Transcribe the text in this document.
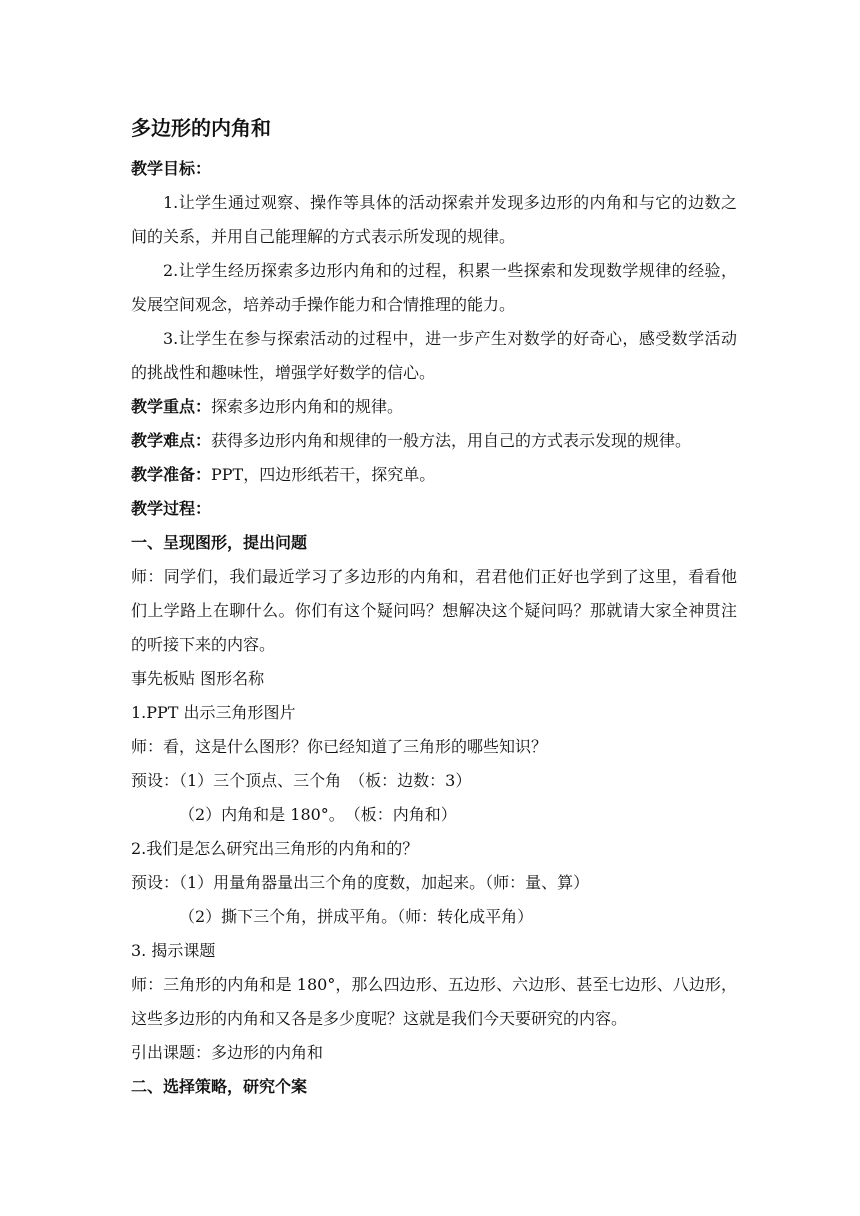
多边形的内角和
教学目标：
1.让学生通过观察、操作等具体的活动探索并发现多边形的内角和与它的边数之间的关系，并用自己能理解的方式表示所发现的规律。
2.让学生经历探索多边形内角和的过程，积累一些探索和发现数学规律的经验，发展空间观念，培养动手操作能力和合情推理的能力。
3.让学生在参与探索活动的过程中，进一步产生对数学的好奇心，感受数学活动的挑战性和趣味性，增强学好数学的信心。
教学重点：探索多边形内角和的规律。
教学难点：获得多边形内角和规律的一般方法，用自己的方式表示发现的规律。
教学准备：PPT，四边形纸若干，探究单。
教学过程：
一、呈现图形，提出问题
师：同学们，我们最近学习了多边形的内角和，君君他们正好也学到了这里，看看他们上学路上在聊什么。你们有这个疑问吗？想解决这个疑问吗？那就请大家全神贯注的听接下来的内容。
事先板贴 图形名称
1.PPT 出示三角形图片
师：看，这是什么图形？你已经知道了三角形的哪些知识？
预设：（1）三个顶点、三个角　（板：边数：3）
（2）内角和是 180°。　（板：内角和）
2.我们是怎么研究出三角形的内角和的？
预设：（1）用量角器量出三个角的度数，加起来。（师：量、算）
（2）撕下三个角，拼成平角。（师：转化成平角）
3. 揭示课题
师：三角形的内角和是 180°，那么四边形、五边形、六边形、甚至七边形、八边形，这些多边形的内角和又各是多少度呢？这就是我们今天要研究的内容。
引出课题：多边形的内角和
二、选择策略，研究个案
